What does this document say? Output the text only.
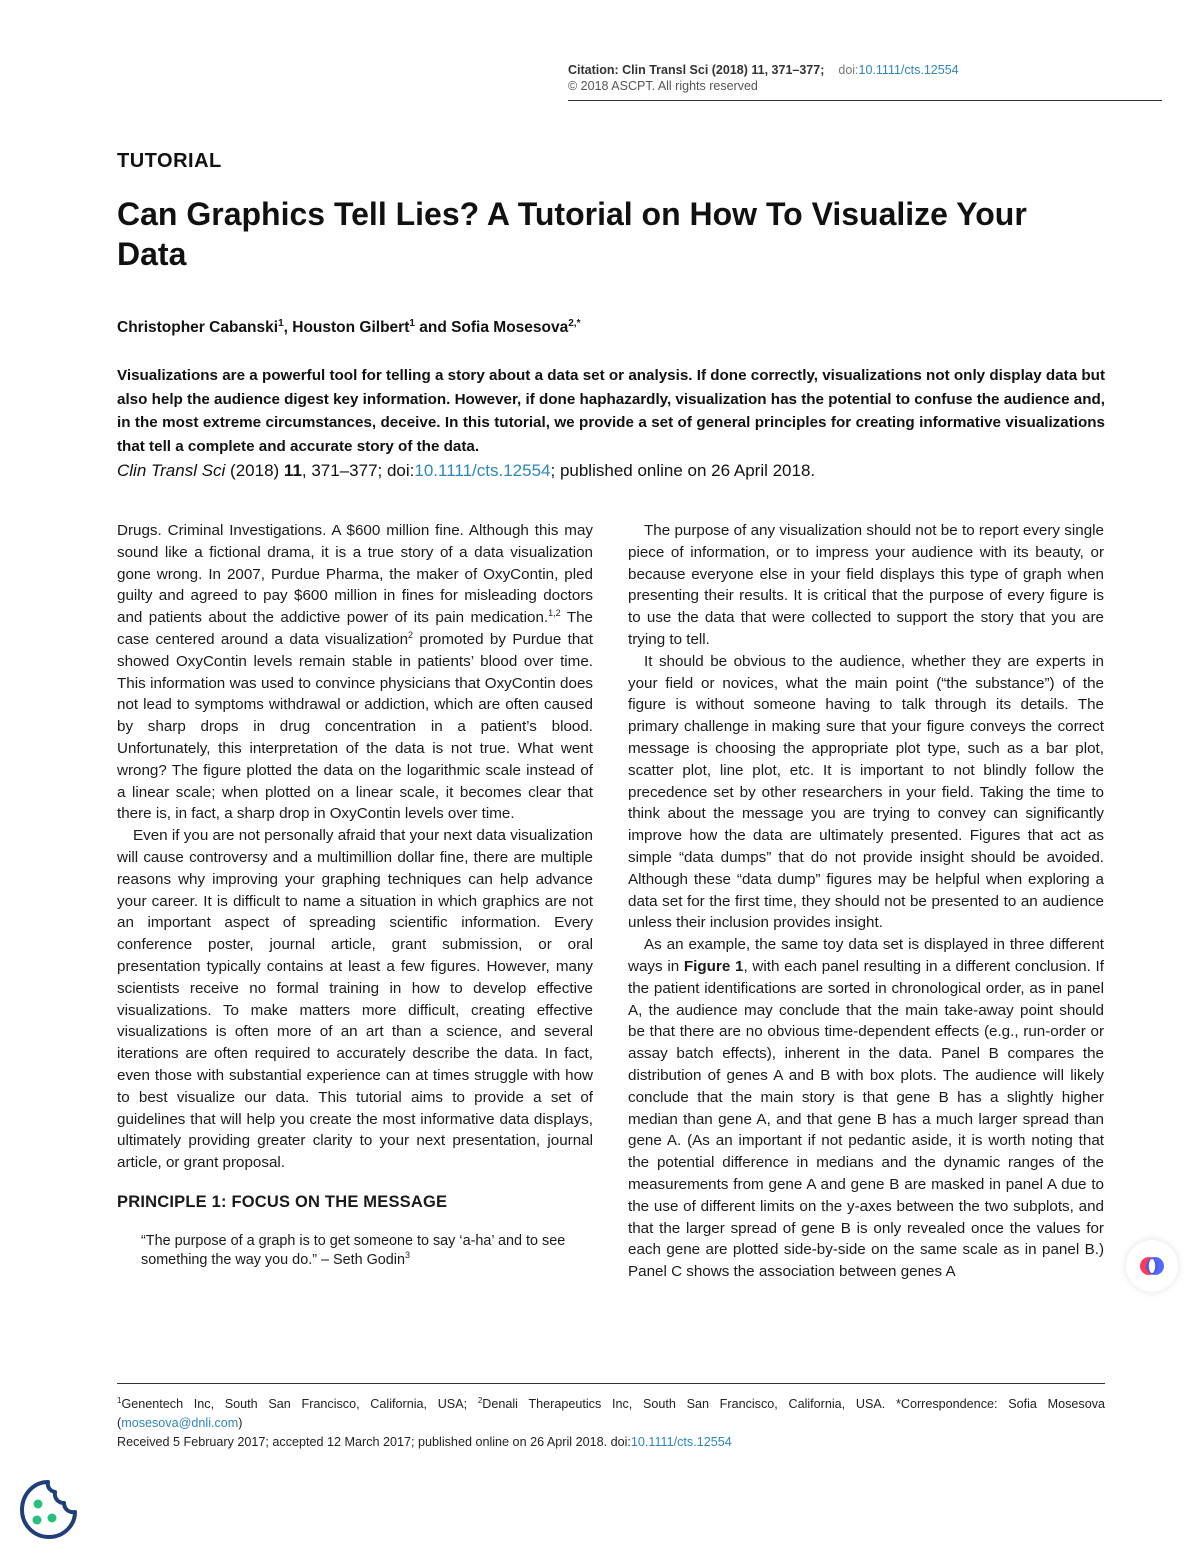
Citation: Clin Transl Sci (2018) 11, 371–377; doi:10.1111/cts.12554
© 2018 ASCPT. All rights reserved
TUTORIAL
Can Graphics Tell Lies? A Tutorial on How To Visualize Your Data
Christopher Cabanski$^1$, Houston Gilbert$^1$ and Sofia Mosesova$^{2,*}$
Visualizations are a powerful tool for telling a story about a data set or analysis. If done correctly, visualizations not only display data but also help the audience digest key information. However, if done haphazardly, visualization has the potential to confuse the audience and, in the most extreme circumstances, deceive. In this tutorial, we provide a set of general principles for creating informative visualizations that tell a complete and accurate story of the data.
Clin Transl Sci (2018) 11, 371–377; doi:10.1111/cts.12554; published online on 26 April 2018.

Drugs. Criminal Investigations. A $600 million fine. Although this may sound like a fictional drama, it is a true story of a data visualization gone wrong. In 2007, Purdue Pharma, the maker of OxyContin, pled guilty and agreed to pay $600 million in fines for misleading doctors and patients about the addictive power of its pain medication.$^{1,2}$ The case centered around a data visualization$^2$ promoted by Purdue that showed OxyContin levels remain stable in patients’ blood over time. This information was used to convince physicians that OxyContin does not lead to symptoms withdrawal or addiction, which are often caused by sharp drops in drug concentration in a patient’s blood. Unfortunately, this interpretation of the data is not true. What went wrong? The figure plotted the data on the logarithmic scale instead of a linear scale; when plotted on a linear scale, it becomes clear that there is, in fact, a sharp drop in OxyContin levels over time.

Even if you are not personally afraid that your next data visualization will cause controversy and a multimillion dollar fine, there are multiple reasons why improving your graphing techniques can help advance your career. It is difficult to name a situation in which graphics are not an important aspect of spreading scientific information. Every conference poster, journal article, grant submission, or oral presentation typically contains at least a few figures. However, many scientists receive no formal training in how to develop effective visualizations. To make matters more difficult, creating effective visualizations is often more of an art than a science, and several iterations are often required to accurately describe the data. In fact, even those with substantial experience can at times struggle with how to best visualize our data. This tutorial aims to provide a set of guidelines that will help you create the most informative data displays, ultimately providing greater clarity to your next presentation, journal article, or grant proposal.

PRINCIPLE 1: FOCUS ON THE MESSAGE
“The purpose of a graph is to get someone to say ‘a-ha’ and to see something the way you do.” – Seth Godin$^3$

The purpose of any visualization should not be to report every single piece of information, or to impress your audience with its beauty, or because everyone else in your field displays this type of graph when presenting their results. It is critical that the purpose of every figure is to use the data that were collected to support the story that you are trying to tell.

It should be obvious to the audience, whether they are experts in your field or novices, what the main point (“the substance”) of the figure is without someone having to talk through its details. The primary challenge in making sure that your figure conveys the correct message is choosing the appropriate plot type, such as a bar plot, scatter plot, line plot, etc. It is important to not blindly follow the precedence set by other researchers in your field. Taking the time to think about the message you are trying to convey can significantly improve how the data are ultimately presented. Figures that act as simple “data dumps” that do not provide insight should be avoided. Although these “data dump” figures may be helpful when exploring a data set for the first time, they should not be presented to an audience unless their inclusion provides insight.

As an example, the same toy data set is displayed in three different ways in Figure 1, with each panel resulting in a different conclusion. If the patient identifications are sorted in chronological order, as in panel A, the audience may conclude that the main take-away point should be that there are no obvious time-dependent effects (e.g., run-order or assay batch effects), inherent in the data. Panel B compares the distribution of genes A and B with box plots. The audience will likely conclude that the main story is that gene B has a slightly higher median than gene A, and that gene B has a much larger spread than gene A. (As an important if not pedantic aside, it is worth noting that the potential difference in medians and the dynamic ranges of the measurements from gene A and gene B are masked in panel A due to the use of different limits on the y-axes between the two subplots, and that the larger spread of gene B is only revealed once the values for each gene are plotted side-by-side on the same scale as in panel B.) Panel C shows the association between genes A

$^1$Genentech Inc, South San Francisco, California, USA; $^2$Denali Therapeutics Inc, South San Francisco, California, USA. *Correspondence: Sofia Mosesova (mosesova@dnli.com)
Received 5 February 2017; accepted 12 March 2017; published online on 26 April 2018. doi:10.1111/cts.12554
